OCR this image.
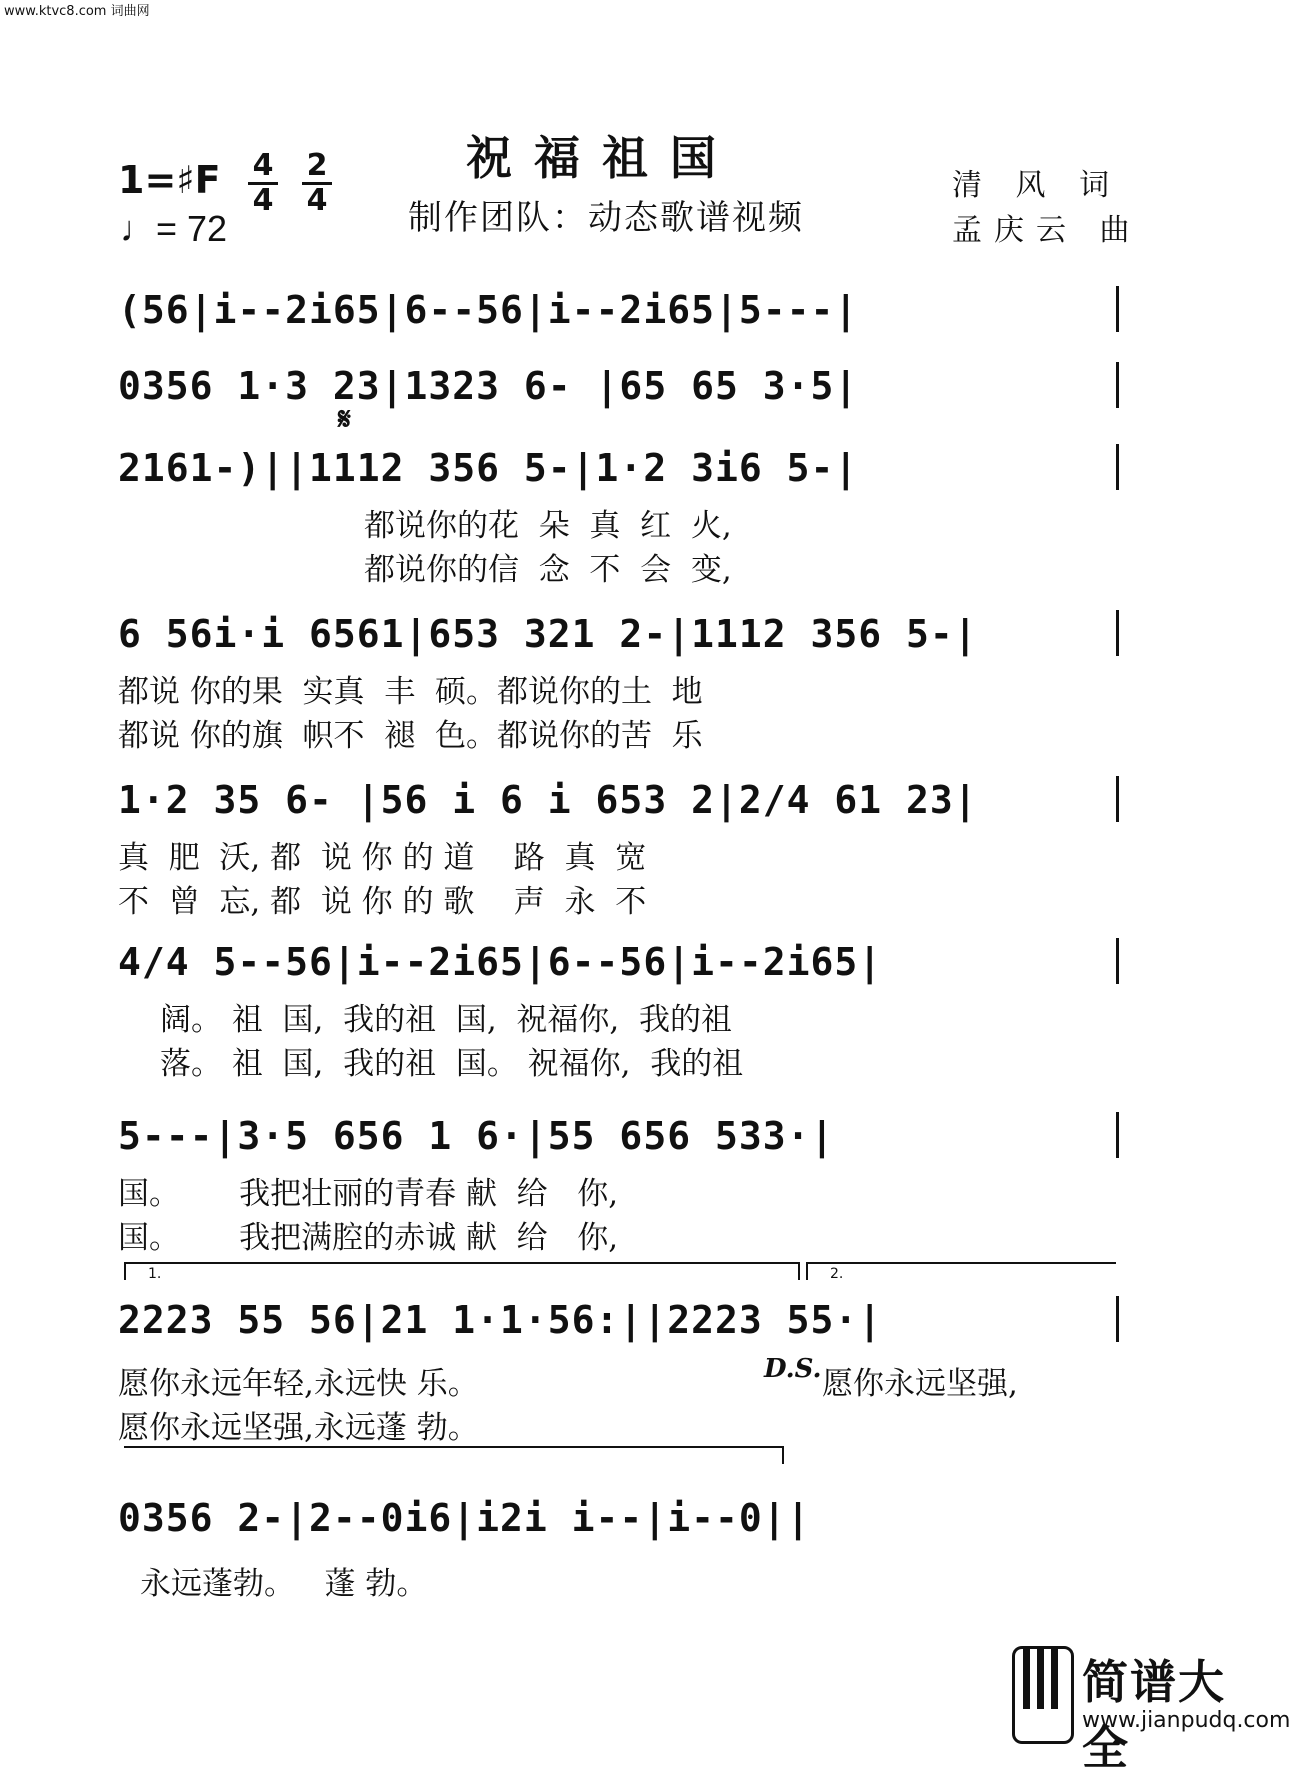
www.ktvc8.com 词曲网
祝福祖国
制作团队：动态歌谱视频
清 风 词
孟庆云 曲
1=♯F 4
4
2
4
♩= 72
(56|i--2i65|6--56|i--2i65|5---|
0356 1·3 23|1323 6- |65 65 3·5|
𝄋
2161-)||1112 356 5-|1·2 3i6 5-|
都说你的花  朵  真  红  火,
都说你的信  念  不  会  变,
6 56i·i 6561|653 321 2-|1112 356 5-|
都说 你的果  实真  丰  硕。都说你的土  地
都说 你的旗  帜不  褪  色。都说你的苦  乐
1·2 35 6- |56 i 6 i 653 2|2/4 61 23|
真  肥  沃, 都  说 你 的 道    路  真  宽
不  曾  忘, 都  说 你 的 歌    声  永  不
4/4 5--56|i--2i65|6--56|i--2i65|
阔。 祖  国,  我的祖  国,  祝福你,  我的祖
落。 祖  国,  我的祖  国。 祝福你,  我的祖
5---|3·5 656 1 6·|55 656 533·|
国。      我把壮丽的青春 献  给   你,
国。      我把满腔的赤诚 献  给   你,
1.	2.
2223 55 56|21 1·1·56:||2223 55·|
愿你永远年轻,永远快 乐。
愿你永远坚强,永远蓬 勃。
D.S. 愿你永远坚强,
0356 2-|2--0i6|i2i i--|i--0||
永远蓬勃。   蓬 勃。
简谱大全
www.jianpudq.com
